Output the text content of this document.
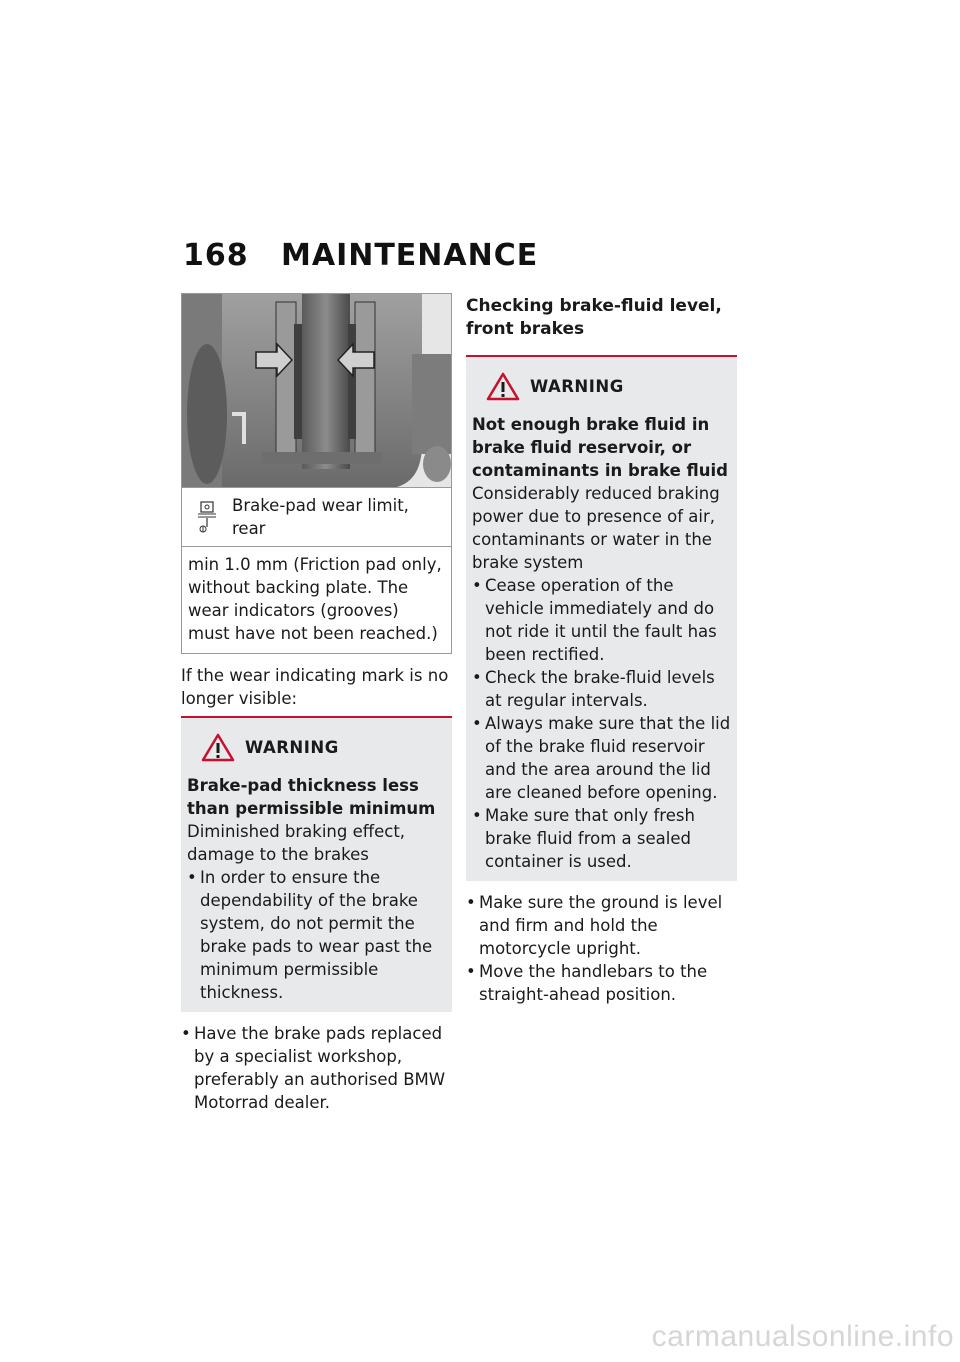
168 MAINTENANCE
Brake-pad wear limit, rear
min 1.0 mm (Friction pad only, without backing plate. The wear indicators (grooves) must have not been reached.)
If the wear indicating mark is no longer visible:
WARNING
Brake-pad thickness less than permissible minimum
Diminished braking effect, damage to the brakes
• In order to ensure the dependability of the brake system, do not permit the brake pads to wear past the minimum permissible thickness.
• Have the brake pads replaced by a specialist workshop, preferably an authorised BMW Motorrad dealer.
Checking brake-fluid level, front brakes
WARNING
Not enough brake fluid in brake fluid reservoir, or contaminants in brake fluid
Considerably reduced braking power due to presence of air, contaminants or water in the brake system
• Cease operation of the vehicle immediately and do not ride it until the fault has been rectified.
• Check the brake-fluid levels at regular intervals.
• Always make sure that the lid of the brake fluid reservoir and the area around the lid are cleaned before opening.
• Make sure that only fresh brake fluid from a sealed container is used.
• Make sure the ground is level and firm and hold the motorcycle upright.
• Move the handlebars to the straight-ahead position.
carmanualsonline.info
